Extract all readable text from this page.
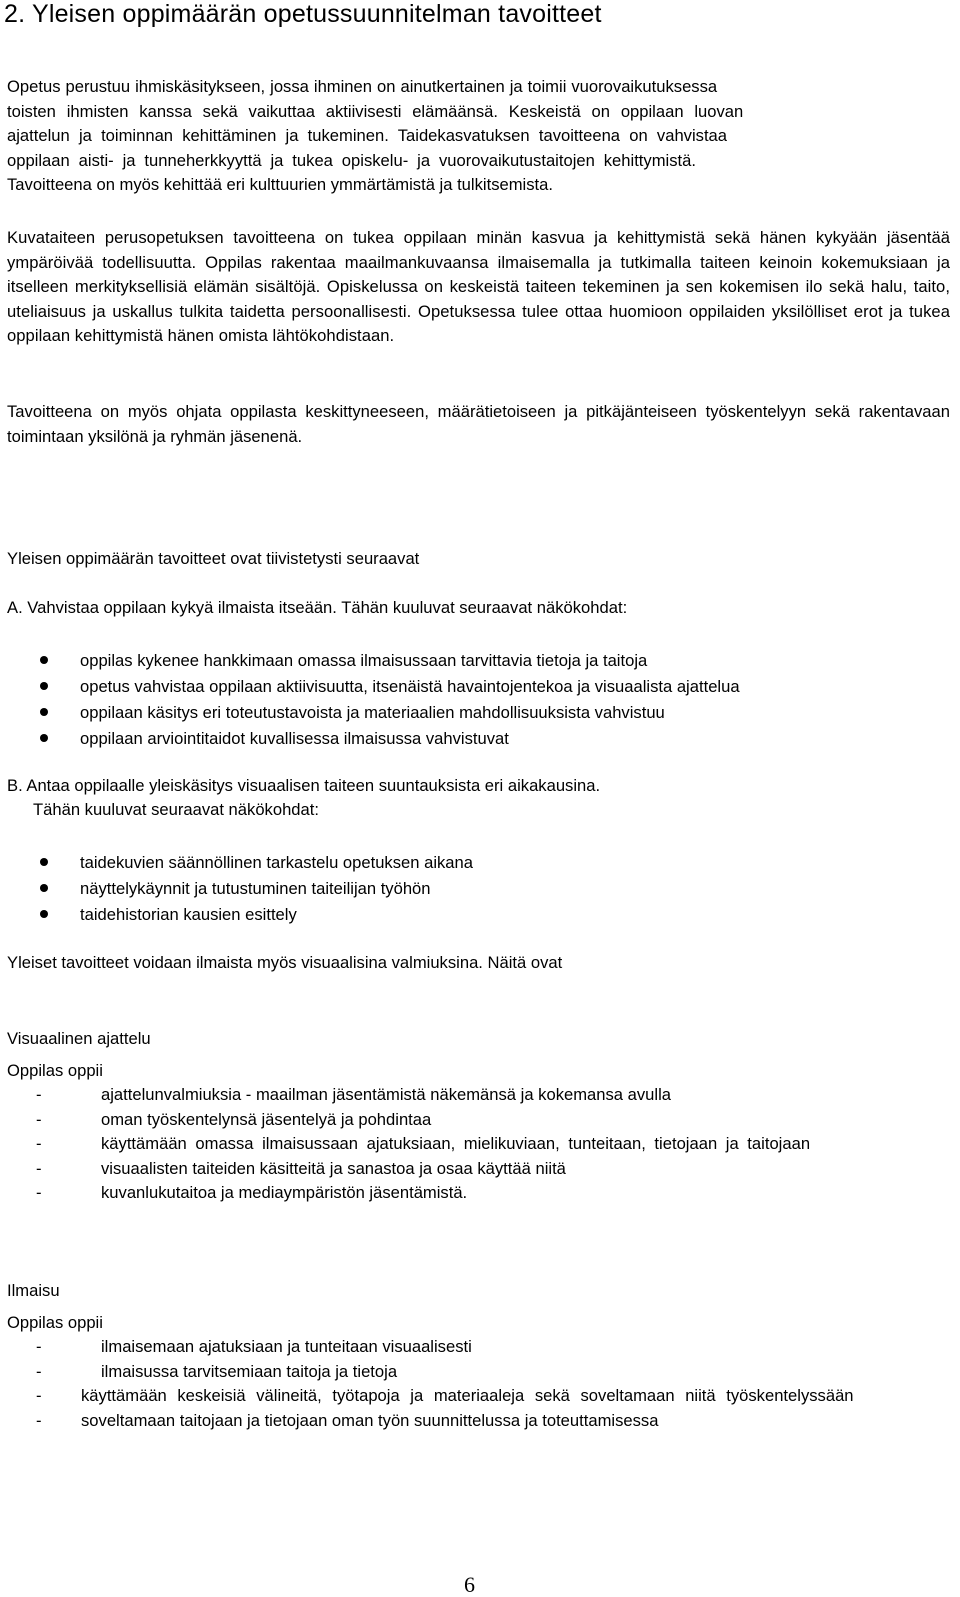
2. Yleisen oppimäärän opetussuunnitelman tavoitteet

Opetus perustuu ihmiskäsitykseen, jossa ihminen on ainutkertainen ja toimii vuorovaikutuksessa

toisten ihmisten kanssa sekä vaikuttaa aktiivisesti elämäänsä. Keskeistä on oppilaan luovan

ajattelun ja toiminnan kehittäminen ja tukeminen. Taidekasvatuksen tavoitteena on vahvistaa

oppilaan aisti- ja tunneherkkyyttä ja tukea opiskelu- ja vuorovaikutustaitojen kehittymistä.

Tavoitteena on myös kehittää eri kulttuurien ymmärtämistä ja tulkitsemista.

Kuvataiteen perusopetuksen tavoitteena on tukea oppilaan minän kasvua ja kehittymistä sekä hänen kykyään jäsentää ympäröivää todellisuutta. Oppilas rakentaa maailmankuvaansa ilmaisemalla ja tutkimalla taiteen keinoin kokemuksiaan ja itselleen merkityksellisiä elämän sisältöjä. Opiskelussa on keskeistä taiteen tekeminen ja sen kokemisen ilo sekä halu, taito, uteliaisuus ja uskallus tulkita taidetta persoonallisesti. Opetuksessa tulee ottaa huomioon oppilaiden yksilölliset erot ja tukea oppilaan kehittymistä hänen omista lähtökohdistaan.

Tavoitteena on myös ohjata oppilasta keskittyneeseen, määrätietoiseen ja pitkäjänteiseen työskentelyyn sekä rakentavaan toimintaan yksilönä ja ryhmän jäsenenä.

Yleisen oppimäärän tavoitteet ovat tiivistetysti seuraavat

A. Vahvistaa oppilaan kykyä ilmaista itseään. Tähän kuuluvat seuraavat näkökohdat:

oppilas kykenee hankkimaan omassa ilmaisussaan tarvittavia tietoja ja taitoja
opetus vahvistaa oppilaan aktiivisuutta, itsenäistä havaintojentekoa ja visuaalista ajattelua
oppilaan käsitys eri toteutustavoista ja materiaalien mahdollisuuksista vahvistuu
oppilaan arviointitaidot kuvallisessa ilmaisussa vahvistuvat

B. Antaa oppilaalle yleiskäsitys visuaalisen taiteen suuntauksista eri aikakausina.

Tähän kuuluvat seuraavat näkökohdat:

taidekuvien säännöllinen tarkastelu opetuksen aikana
näyttelykäynnit ja tutustuminen taiteilijan työhön
taidehistorian kausien esittely

Yleiset tavoitteet voidaan ilmaista myös visuaalisina valmiuksina. Näitä ovat

Visuaalinen ajattelu

Oppilas oppii

-	ajattelunvalmiuksia - maailman jäsentämistä näkemänsä ja kokemansa avulla
-	oman työskentelynsä jäsentelyä ja pohdintaa
-	käyttämään omassa ilmaisussaan ajatuksiaan, mielikuviaan, tunteitaan, tietojaan ja taitojaan
-	visuaalisten taiteiden käsitteitä ja sanastoa ja osaa käyttää niitä
-	kuvanlukutaitoa ja mediaympäristön jäsentämistä.

Ilmaisu

Oppilas oppii

-	ilmaisemaan ajatuksiaan ja tunteitaan visuaalisesti
-	ilmaisussa tarvitsemiaan taitoja ja tietoja
- käyttämään keskeisiä välineitä, työtapoja ja materiaaleja sekä soveltamaan niitä työskentelyssään
- soveltamaan taitojaan ja tietojaan oman työn suunnittelussa ja toteuttamisessa
6
